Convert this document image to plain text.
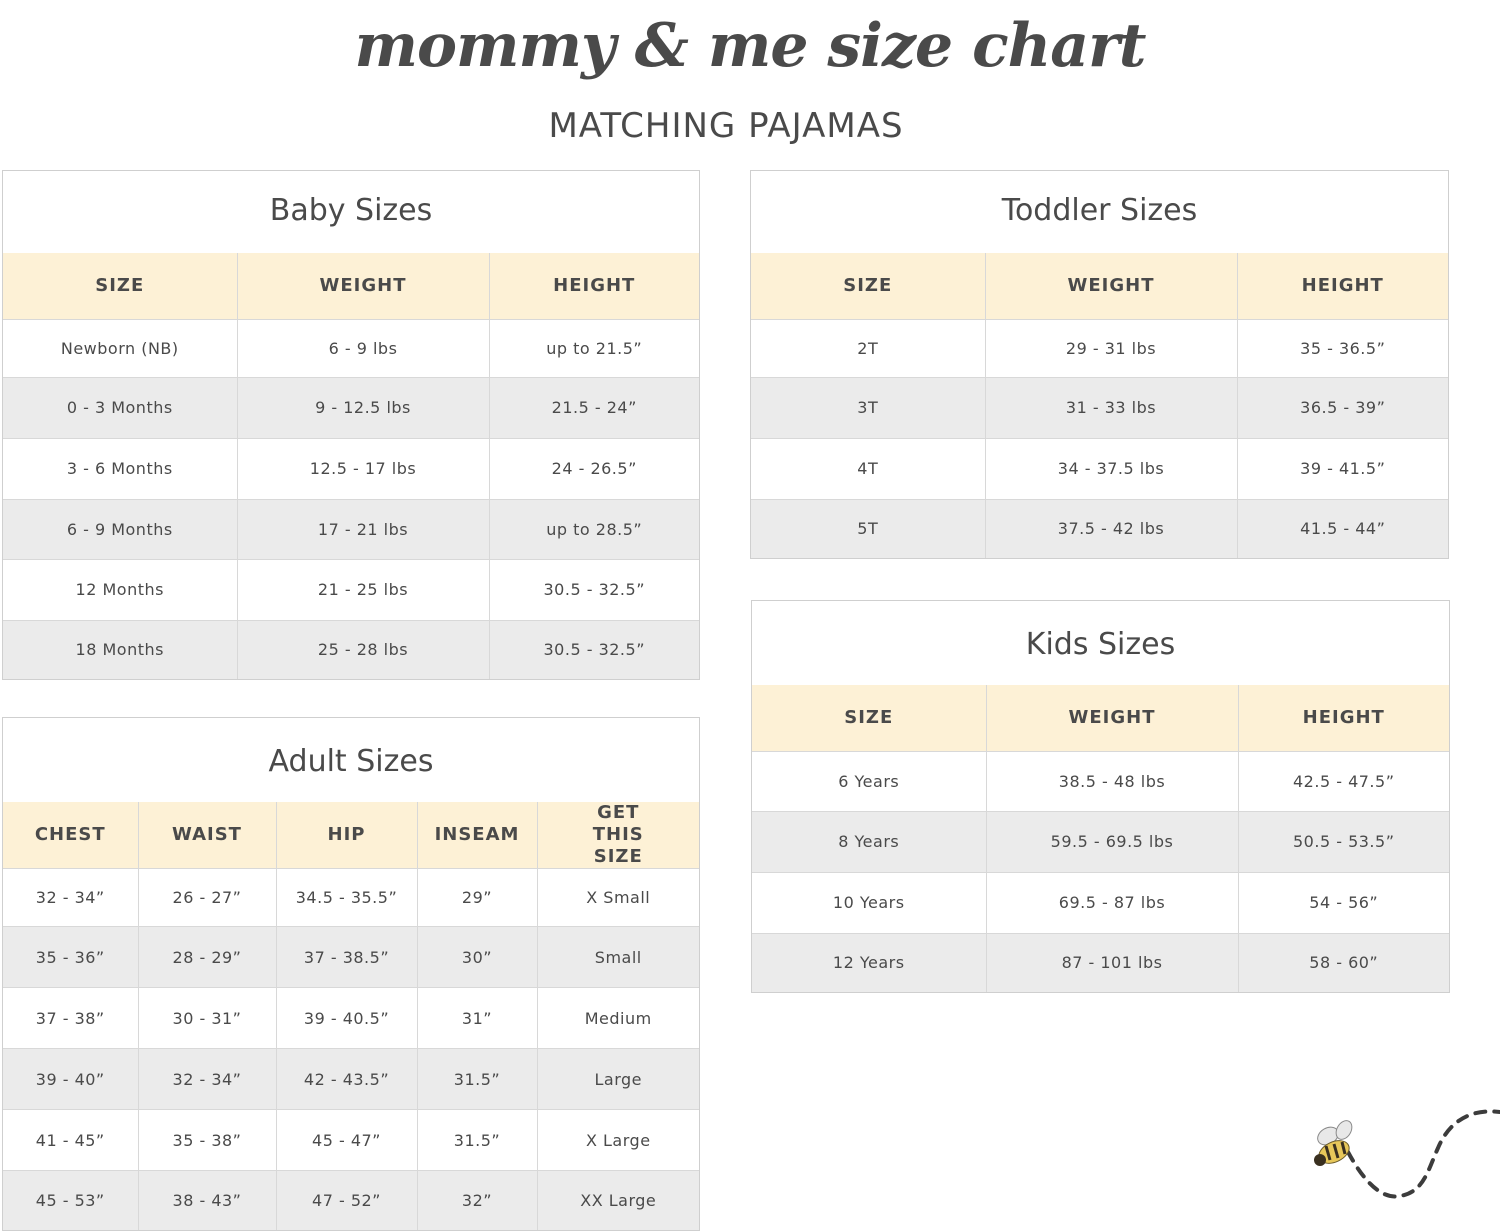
mommy & me size chart
MATCHING PAJAMAS
Baby Sizes
SIZE	WEIGHT	HEIGHT
Newborn (NB)	6 - 9 lbs	up to 21.5”
0 - 3 Months	9 - 12.5 lbs	21.5 - 24”
3 - 6 Months	12.5 - 17 lbs	24 - 26.5”
6 - 9 Months	17 - 21 lbs	up to 28.5”
12 Months	21 - 25 lbs	30.5 - 32.5”
18 Months	25 - 28 lbs	30.5 - 32.5”
Toddler Sizes
SIZE	WEIGHT	HEIGHT
2T	29 - 31 lbs	35 - 36.5”
3T	31 - 33 lbs	36.5 - 39”
4T	34 - 37.5 lbs	39 - 41.5”
5T	37.5 - 42 lbs	41.5 - 44”
Kids Sizes
SIZE	WEIGHT	HEIGHT
6 Years	38.5 - 48 lbs	42.5 - 47.5”
8 Years	59.5 - 69.5 lbs	50.5 - 53.5”
10 Years	69.5 - 87 lbs	54 - 56”
12 Years	87 - 101 lbs	58 - 60”
Adult Sizes
CHEST	WAIST	HIP	INSEAM	GET THIS SIZE
32 - 34”	26 - 27”	34.5 - 35.5”	29”	X Small
35 - 36”	28 - 29”	37 - 38.5”	30”	Small
37 - 38”	30 - 31”	39 - 40.5”	31”	Medium
39 - 40”	32 - 34”	42 - 43.5”	31.5”	Large
41 - 45”	35 - 38”	45 - 47”	31.5”	X Large
45 - 53”	38 - 43”	47 - 52”	32”	XX Large
